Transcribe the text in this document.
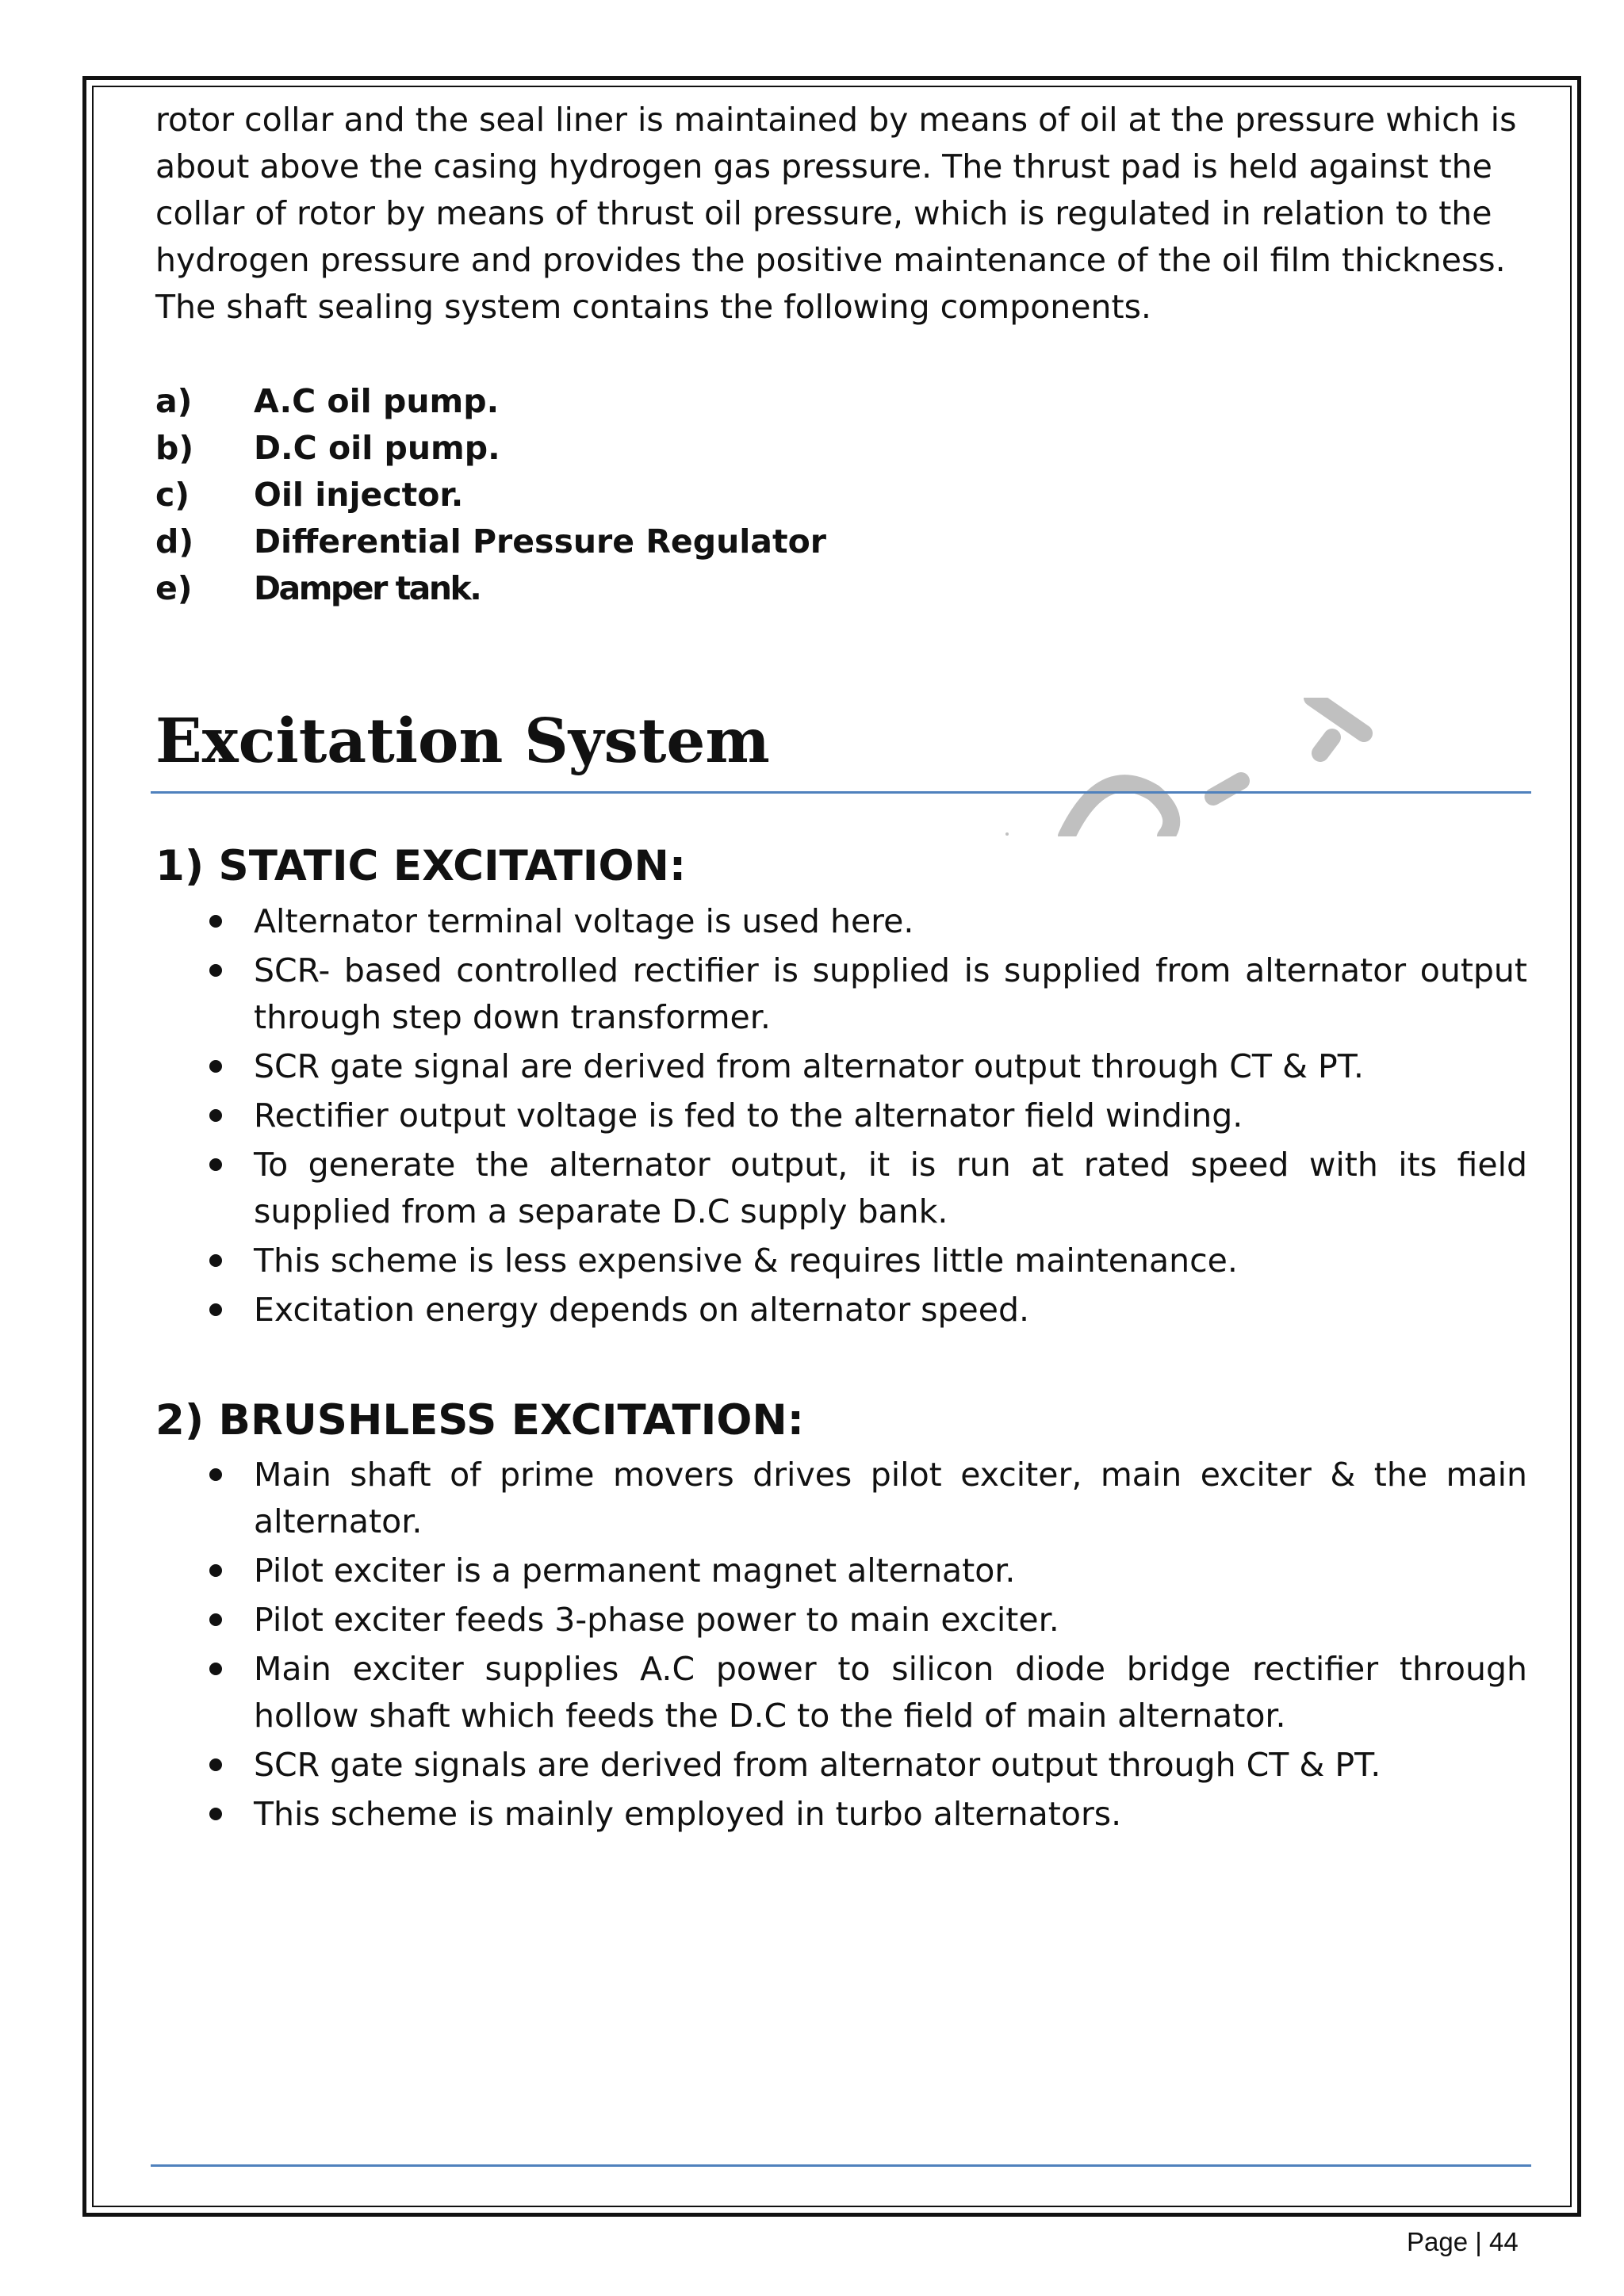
rotor collar and the seal liner is maintained by means of oil at the pressure which is about above the casing hydrogen gas pressure. The thrust pad is held against the collar of rotor by means of thrust oil pressure, which is regulated in relation to the hydrogen pressure and provides the positive maintenance of the oil film thickness. The shaft sealing system contains the following components.

a)	A.C oil pump.
b)	D.C oil pump.
c)	Oil injector.
d)	Differential Pressure Regulator
e)	Damper tank.
Excitation System
1) STATIC EXCITATION:
Alternator terminal voltage is used here.
SCR- based controlled rectifier is supplied is supplied from alternator output through step down transformer.
SCR gate signal are derived from alternator output through CT & PT.
Rectifier output voltage is fed to the alternator field winding.
To generate the alternator output, it is run at rated speed with its field supplied from a separate D.C supply bank.
This scheme is less expensive & requires little maintenance.
Excitation energy depends on alternator speed.
2) BRUSHLESS EXCITATION:
Main shaft of prime movers drives pilot exciter, main exciter & the main alternator.
Pilot exciter is a permanent magnet alternator.
Pilot exciter feeds 3-phase power to main exciter.
Main exciter supplies A.C power to silicon diode bridge rectifier through hollow shaft which feeds the D.C to the field of main alternator.
SCR gate signals are derived from alternator output through CT & PT.
This scheme is mainly employed in turbo alternators.
Page | 44
